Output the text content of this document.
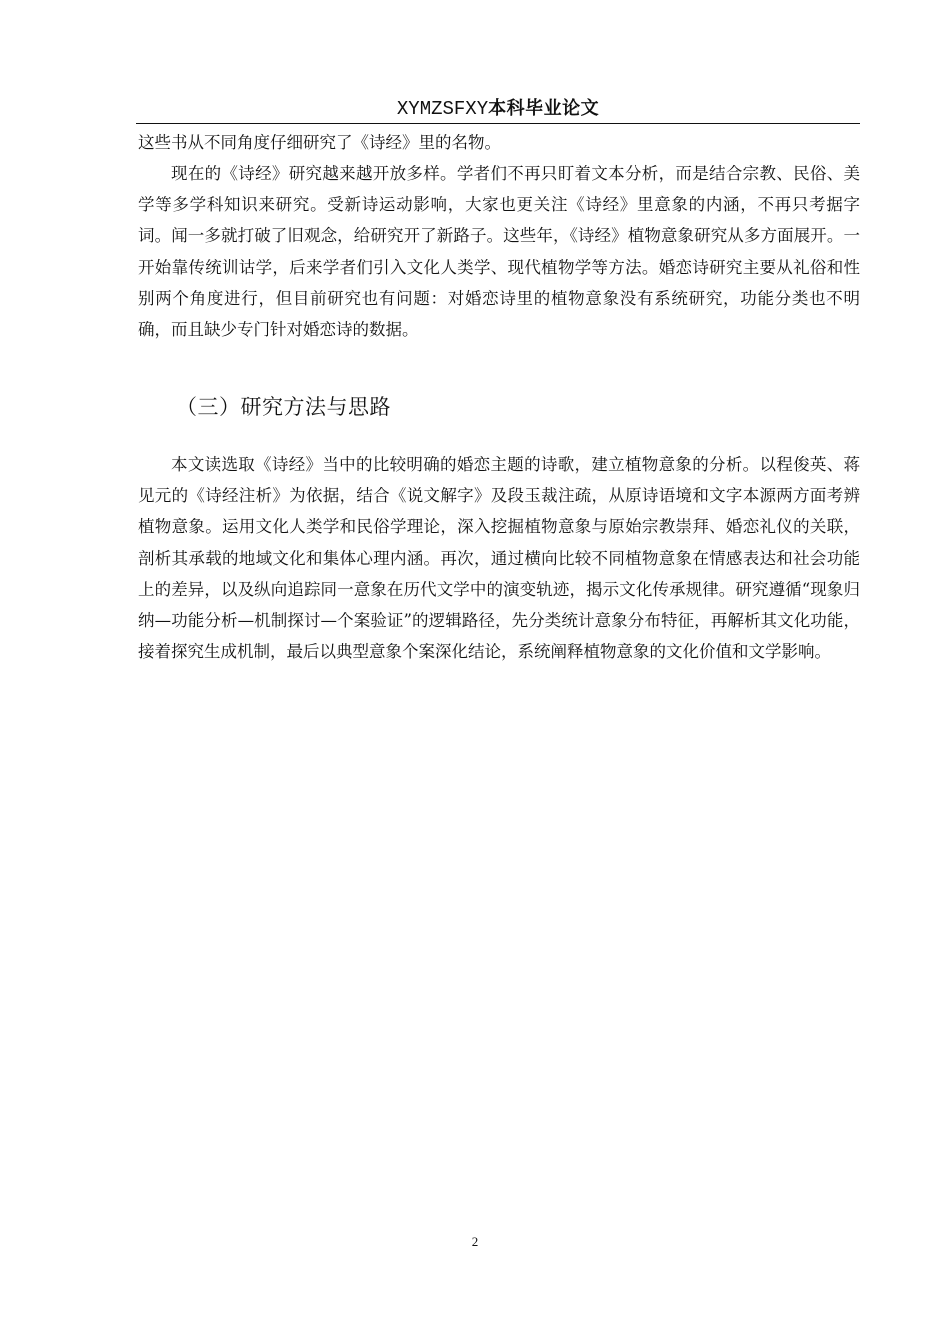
XYMZSFXY本科毕业论文

这些书从不同角度仔细研究了《诗经》里的名物。

现在的《诗经》研究越来越开放多样。学者们不再只盯着文本分析，而是结合宗教、民俗、美学等多学科知识来研究。受新诗运动影响，大家也更关注《诗经》里意象的内涵，不再只考据字词。闻一多就打破了旧观念，给研究开了新路子。这些年，《诗经》植物意象研究从多方面展开。一开始靠传统训诂学，后来学者们引入文化人类学、现代植物学等方法。婚恋诗研究主要从礼俗和性别两个角度进行，但目前研究也有问题：对婚恋诗里的植物意象没有系统研究，功能分类也不明确，而且缺少专门针对婚恋诗的数据。

（三）研究方法与思路

本文读选取《诗经》当中的比较明确的婚恋主题的诗歌，建立植物意象的分析。以程俊英、蒋见元的《诗经注析》为依据，结合《说文解字》及段玉裁注疏，从原诗语境和文字本源两方面考辨植物意象。运用文化人类学和民俗学理论，深入挖掘植物意象与原始宗教崇拜、婚恋礼仪的关联，剖析其承载的地域文化和集体心理内涵。再次，通过横向比较不同植物意象在情感表达和社会功能上的差异，以及纵向追踪同一意象在历代文学中的演变轨迹，揭示文化传承规律。研究遵循“现象归纳—功能分析—机制探讨—个案验证”的逻辑路径，先分类统计意象分布特征，再解析其文化功能，接着探究生成机制，最后以典型意象个案深化结论，系统阐释植物意象的文化价值和文学影响。

2
